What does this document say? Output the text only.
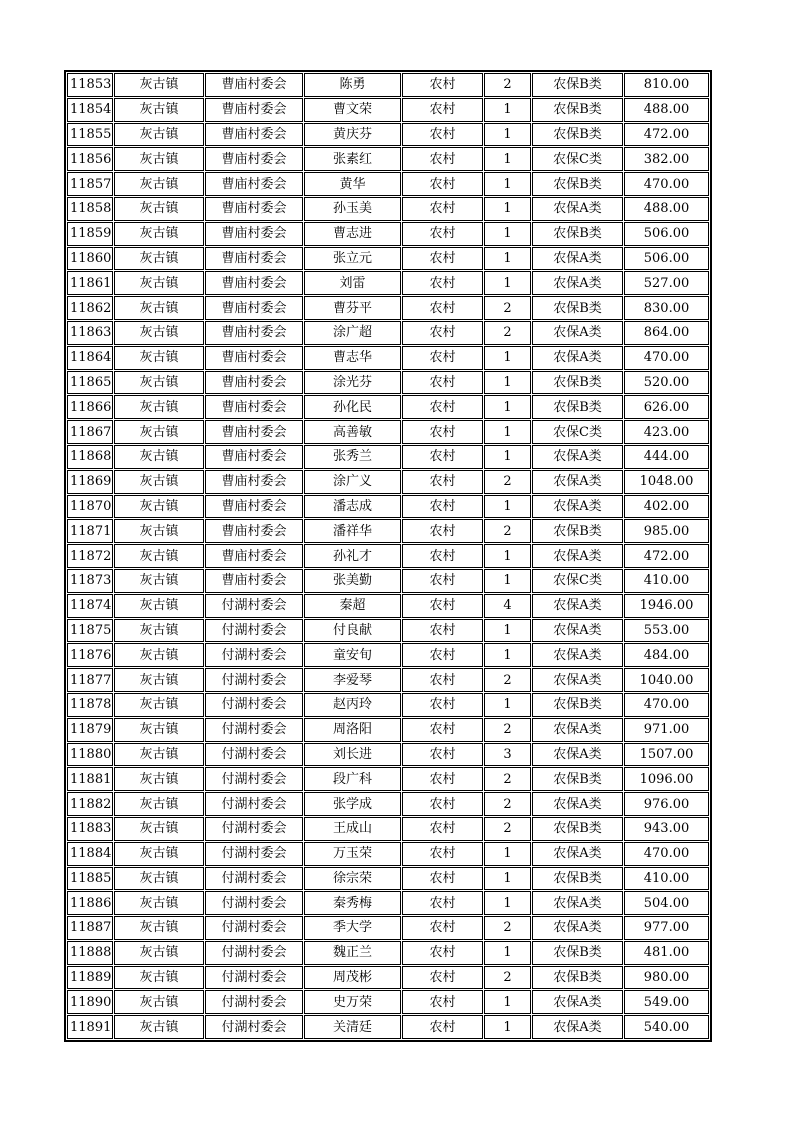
11853	灰古镇	曹庙村委会	陈勇	农村	2	农保B类	810.00
11854	灰古镇	曹庙村委会	曹文荣	农村	1	农保B类	488.00
11855	灰古镇	曹庙村委会	黄庆芬	农村	1	农保B类	472.00
11856	灰古镇	曹庙村委会	张素红	农村	1	农保C类	382.00
11857	灰古镇	曹庙村委会	黄华	农村	1	农保B类	470.00
11858	灰古镇	曹庙村委会	孙玉美	农村	1	农保A类	488.00
11859	灰古镇	曹庙村委会	曹志进	农村	1	农保B类	506.00
11860	灰古镇	曹庙村委会	张立元	农村	1	农保A类	506.00
11861	灰古镇	曹庙村委会	刘雷	农村	1	农保A类	527.00
11862	灰古镇	曹庙村委会	曹芬平	农村	2	农保B类	830.00
11863	灰古镇	曹庙村委会	涂广超	农村	2	农保A类	864.00
11864	灰古镇	曹庙村委会	曹志华	农村	1	农保A类	470.00
11865	灰古镇	曹庙村委会	涂光芬	农村	1	农保B类	520.00
11866	灰古镇	曹庙村委会	孙化民	农村	1	农保B类	626.00
11867	灰古镇	曹庙村委会	高善敏	农村	1	农保C类	423.00
11868	灰古镇	曹庙村委会	张秀兰	农村	1	农保A类	444.00
11869	灰古镇	曹庙村委会	涂广义	农村	2	农保A类	1048.00
11870	灰古镇	曹庙村委会	潘志成	农村	1	农保A类	402.00
11871	灰古镇	曹庙村委会	潘祥华	农村	2	农保B类	985.00
11872	灰古镇	曹庙村委会	孙礼才	农村	1	农保A类	472.00
11873	灰古镇	曹庙村委会	张美勤	农村	1	农保C类	410.00
11874	灰古镇	付湖村委会	秦超	农村	4	农保A类	1946.00
11875	灰古镇	付湖村委会	付良献	农村	1	农保A类	553.00
11876	灰古镇	付湖村委会	童安旬	农村	1	农保A类	484.00
11877	灰古镇	付湖村委会	李爱琴	农村	2	农保A类	1040.00
11878	灰古镇	付湖村委会	赵丙玲	农村	1	农保B类	470.00
11879	灰古镇	付湖村委会	周洛阳	农村	2	农保A类	971.00
11880	灰古镇	付湖村委会	刘长进	农村	3	农保A类	1507.00
11881	灰古镇	付湖村委会	段广科	农村	2	农保B类	1096.00
11882	灰古镇	付湖村委会	张学成	农村	2	农保A类	976.00
11883	灰古镇	付湖村委会	王成山	农村	2	农保B类	943.00
11884	灰古镇	付湖村委会	万玉荣	农村	1	农保A类	470.00
11885	灰古镇	付湖村委会	徐宗荣	农村	1	农保B类	410.00
11886	灰古镇	付湖村委会	秦秀梅	农村	1	农保A类	504.00
11887	灰古镇	付湖村委会	季大学	农村	2	农保A类	977.00
11888	灰古镇	付湖村委会	魏正兰	农村	1	农保B类	481.00
11889	灰古镇	付湖村委会	周茂彬	农村	2	农保B类	980.00
11890	灰古镇	付湖村委会	史万荣	农村	1	农保A类	549.00
11891	灰古镇	付湖村委会	关清廷	农村	1	农保A类	540.00
